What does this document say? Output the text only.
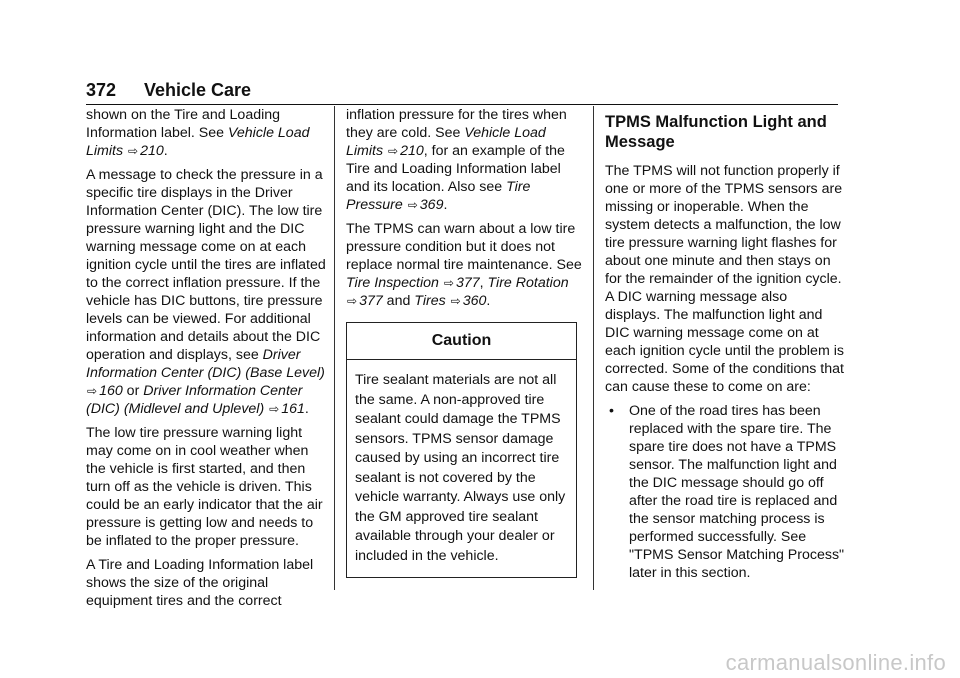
372 Vehicle Care

shown on the Tire and Loading Information label. See Vehicle Load Limits ⇨ 210.

A message to check the pressure in a specific tire displays in the Driver Information Center (DIC). The low tire pressure warning light and the DIC warning message come on at each ignition cycle until the tires are inflated to the correct inflation pressure. If the vehicle has DIC buttons, tire pressure levels can be viewed. For additional information and details about the DIC operation and displays, see Driver Information Center (DIC) (Base Level) ⇨ 160 or Driver Information Center (DIC) (Midlevel and Uplevel) ⇨ 161.

The low tire pressure warning light may come on in cool weather when the vehicle is first started, and then turn off as the vehicle is driven. This could be an early indicator that the air pressure is getting low and needs to be inflated to the proper pressure.

A Tire and Loading Information label shows the size of the original equipment tires and the correct

inflation pressure for the tires when they are cold. See Vehicle Load Limits ⇨ 210, for an example of the Tire and Loading Information label and its location. Also see Tire Pressure ⇨ 369.

The TPMS can warn about a low tire pressure condition but it does not replace normal tire maintenance. See Tire Inspection ⇨ 377, Tire Rotation ⇨ 377 and Tires ⇨ 360.

Caution
Tire sealant materials are not all the same. A non-approved tire sealant could damage the TPMS sensors. TPMS sensor damage caused by using an incorrect tire sealant is not covered by the vehicle warranty. Always use only the GM approved tire sealant available through your dealer or included in the vehicle.
TPMS Malfunction Light and Message

The TPMS will not function properly if one or more of the TPMS sensors are missing or inoperable. When the system detects a malfunction, the low tire pressure warning light flashes for about one minute and then stays on for the remainder of the ignition cycle. A DIC warning message also displays. The malfunction light and DIC warning message come on at each ignition cycle until the problem is corrected. Some of the conditions that can cause these to come on are:

• One of the road tires has been replaced with the spare tire. The spare tire does not have a TPMS sensor. The malfunction light and the DIC message should go off after the road tire is replaced and the sensor matching process is performed successfully. See "TPMS Sensor Matching Process" later in this section.
carmanualsonline.info
